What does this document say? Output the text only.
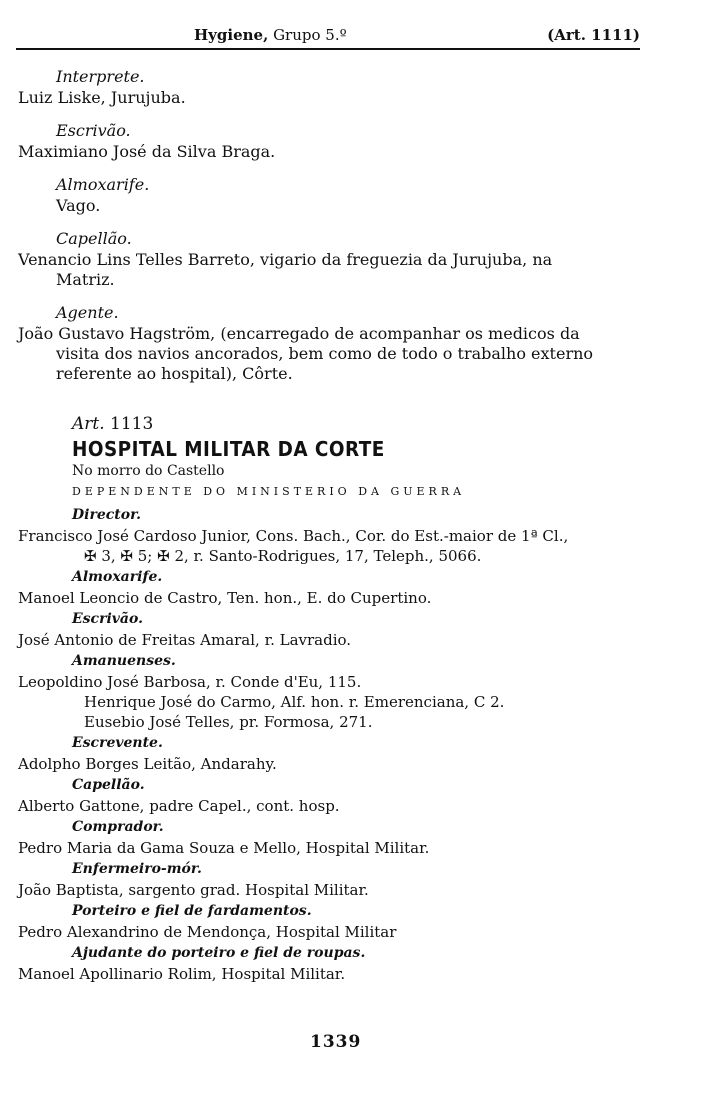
Hygiene, Grupo 5.º	(Art. 1111)
Interprete.
Luiz Liske, Jurujuba.
Escrivão.
Maximiano José da Silva Braga.
Almoxarife.
Vago.
Capellão.
Venancio Lins Telles Barreto, vigario da freguezia da Jurujuba, na
Matriz.
Agente.
João Gustavo Hagström, (encarregado de acompanhar os medicos da
visita dos navios ancorados, bem como de todo o trabalho externo
referente ao hospital), Côrte.
Art. 1113
HOSPITAL MILITAR DA CORTE
No morro do Castello
DEPENDENTE DO MINISTERIO DA GUERRA
Director.
Francisco José Cardoso Junior, Cons. Bach., Cor. do Est.-maior de 1ª Cl.,
✠ 3, ✠ 5; ✠ 2, r. Santo-Rodrigues, 17, Teleph., 5066.
Almoxarife.
Manoel Leoncio de Castro, Ten. hon., E. do Cupertino.
Escrivão.
José Antonio de Freitas Amaral, r. Lavradio.
Amanuenses.
Leopoldino José Barbosa, r. Conde d'Eu, 115.
Henrique José do Carmo, Alf. hon. r. Emerenciana, C 2.
Eusebio José Telles, pr. Formosa, 271.
Escrevente.
Adolpho Borges Leitão, Andarahy.
Capellão.
Alberto Gattone, padre Capel., cont. hosp.
Comprador.
Pedro Maria da Gama Souza e Mello, Hospital Militar.
Enfermeiro-mór.
João Baptista, sargento grad. Hospital Militar.
Porteiro e fiel de fardamentos.
Pedro Alexandrino de Mendonça, Hospital Militar
Ajudante do porteiro e fiel de roupas.
Manoel Apollinario Rolim, Hospital Militar.
1339
